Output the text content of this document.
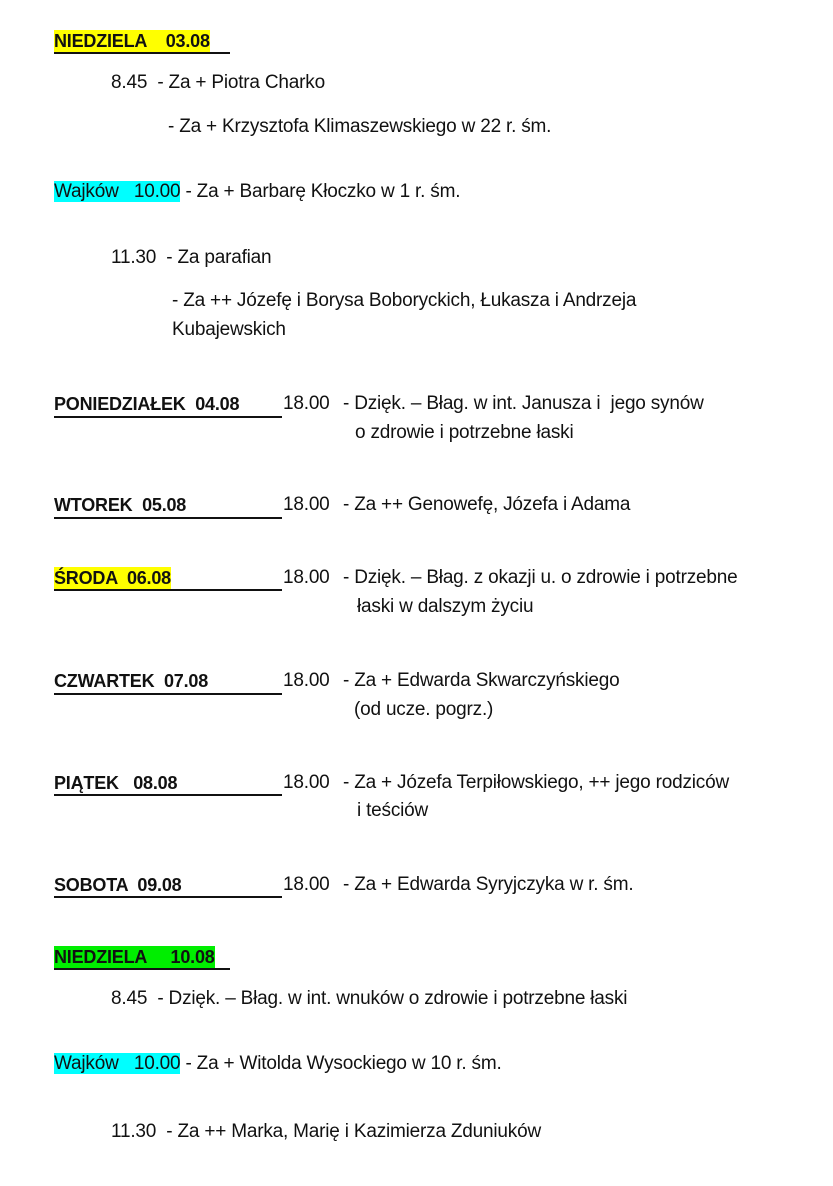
NIEDZIELA    03.08
8.45  - Za + Piotra Charko
- Za + Krzysztofa Klimaszewskiego w 22 r. śm.
Wajków   10.00 - Za + Barbarę Kłoczko w 1 r. śm.
11.30  - Za parafian
- Za ++ Józefę i Borysa Boboryckich, Łukasza i Andrzeja
Kubajewskich
PONIEDZIAŁEK  04.08 18.00 - Dzięk. – Błag. w int. Janusza i  jego synów
o zdrowie i potrzebne łaski
WTOREK  05.08	18.00 - Za ++ Genowefę, Józefa i Adama
ŚRODA  06.08	18.00 - Dzięk. – Błag. z okazji u. o zdrowie i potrzebne
łaski w dalszym życiu
CZWARTEK  07.08	18.00 - Za + Edwarda Skwarczyńskiego
(od ucze. pogrz.)
PIĄTEK   08.08	18.00 - Za + Józefa Terpiłowskiego, ++ jego rodziców
i teściów
SOBOTA  09.08	18.00 - Za + Edwarda Syryjczyka w r. śm.
NIEDZIELA     10.08
8.45  - Dzięk. – Błag. w int. wnuków o zdrowie i potrzebne łaski
Wajków   10.00 - Za + Witolda Wysockiego w 10 r. śm.
11.30  - Za ++ Marka, Marię i Kazimierza Zduniuków
